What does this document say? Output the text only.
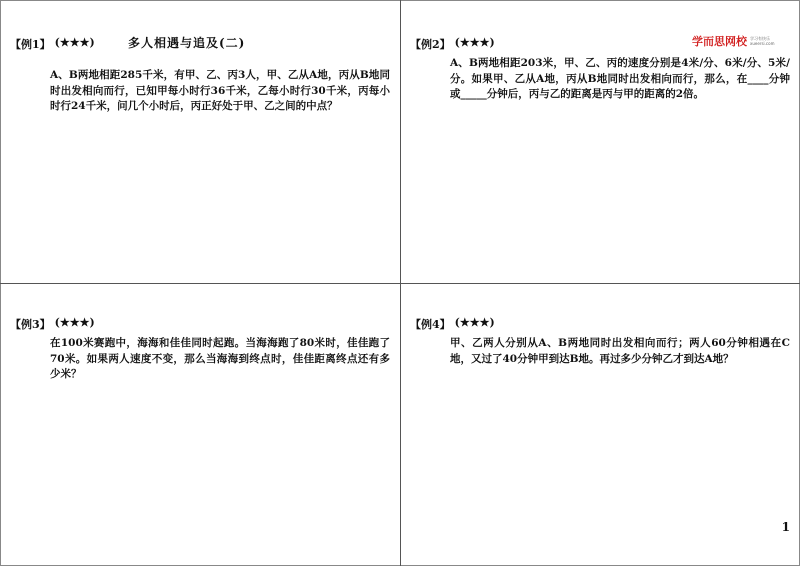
多人相遇与追及(二)	学而思网校 学习有快乐
xueersi.com
【例1】 (★★★)
A、B两地相距285千米，有甲、乙、丙3人，甲、乙从A地，丙从B地同时出发相向而行，已知甲每小时行36千米，乙每小时行30千米，丙每小时行24千米，问几个小时后，丙正好处于甲、乙之间的中点？
【例2】 (★★★)
A、B两地相距203米，甲、乙、丙的速度分别是4米/分、6米/分、5米/分。如果甲、乙从A地，丙从B地同时出发相向而行，那么，在____分钟或_____分钟后，丙与乙的距离是丙与甲的距离的2倍。
【例3】 (★★★)
在100米赛跑中，海海和佳佳同时起跑。当海海跑了80米时，佳佳跑了70米。如果两人速度不变，那么当海海到终点时，佳佳距离终点还有多少米？
【例4】 (★★★)
甲、乙两人分别从A、B两地同时出发相向而行；两人60分钟相遇在C地，又过了40分钟甲到达B地。再过多少分钟乙才到达A地？
1
